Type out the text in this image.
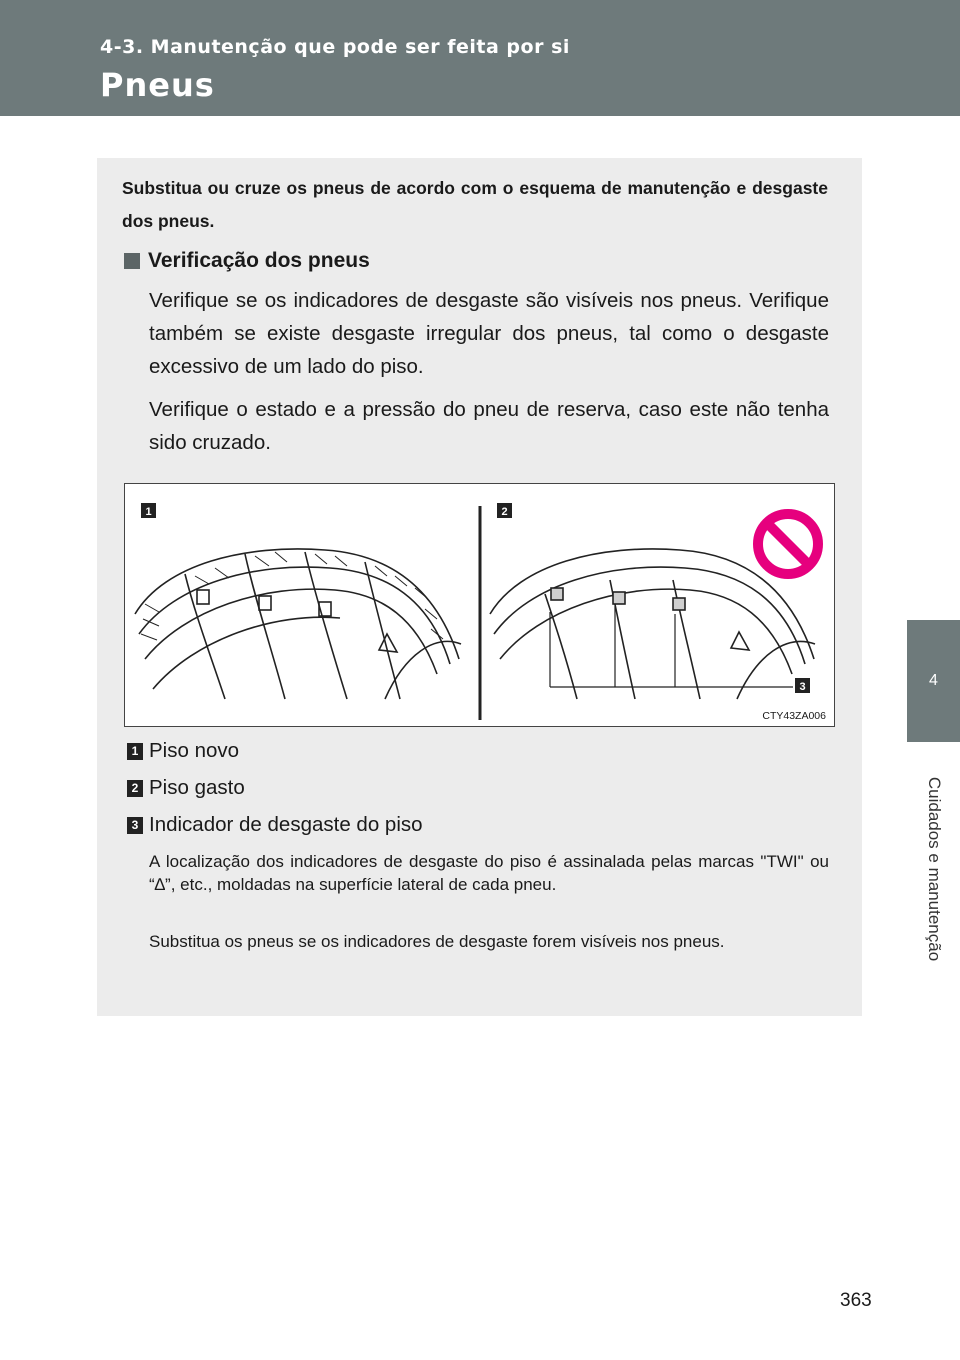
4-3. Manutenção que pode ser feita por si
Pneus
4
Cuidados e manutenção
Substitua ou cruze os pneus de acordo com o esquema de manutenção e desgaste dos pneus.
Verificação dos pneus
Verifique se os indicadores de desgaste são visíveis nos pneus. Verifique também se existe desgaste irregular dos pneus, tal como o desgaste excessivo de um lado do piso.
Verifique o estado e a pressão do pneu de reserva, caso este não tenha sido cruzado.
1	2
3
CTY43ZA006
1 Piso novo
2 Piso gasto
3 Indicador de desgaste do piso
A localização dos indicadores de desgaste do piso é assinalada pelas marcas "TWI" ou “∆”, etc., moldadas na superfície lateral de cada pneu.
Substitua os pneus se os indicadores de desgaste forem visíveis nos pneus.
363
